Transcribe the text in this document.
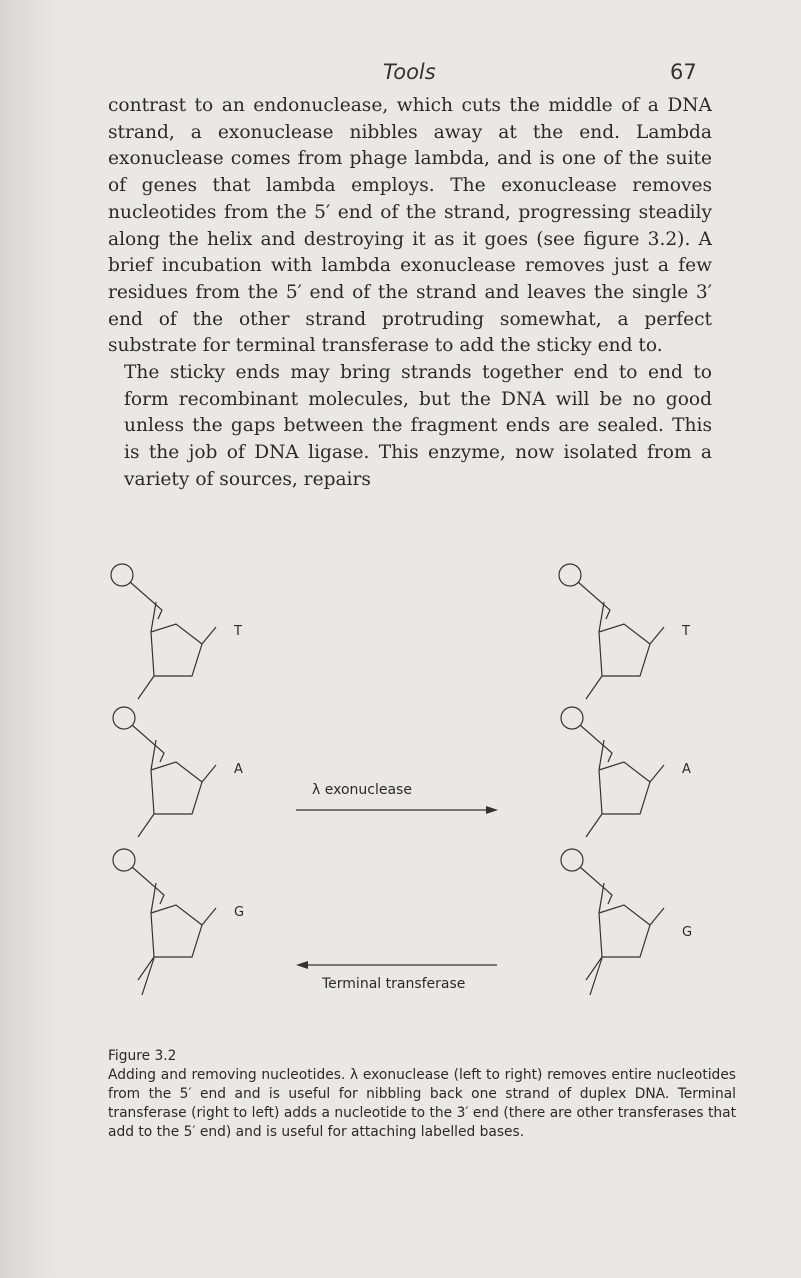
Tools	67

contrast to an endonuclease, which cuts the middle of a DNA strand, a exonuclease nibbles away at the end. Lambda exonuclease comes from phage lambda, and is one of the suite of genes that lambda employs. The exonuclease removes nucleotides from the 5′ end of the strand, progressing steadily along the helix and destroying it as it goes (see figure 3.2). A brief incubation with lambda exonuclease removes just a few residues from the 5′ end of the strand and leaves the single 3′ end of the other strand protruding somewhat, a perfect substrate for terminal transferase to add the sticky end to.

The sticky ends may bring strands together end to end to form recombinant molecules, but the DNA will be no good unless the gaps between the fragment ends are sealed. This is the job of DNA ligase. This enzyme, now isolated from a variety of sources, repairs

T
A
G
T
A
G
λ exonuclease
Terminal transferase
Figure 3.2
Adding and removing nucleotides. λ exonuclease (left to right) removes entire nucleotides from the 5′ end and is useful for nibbling back one strand of duplex DNA. Terminal transferase (right to left) adds a nucleotide to the 3′ end (there are other transferases that add to the 5′ end) and is useful for attaching labelled bases.
